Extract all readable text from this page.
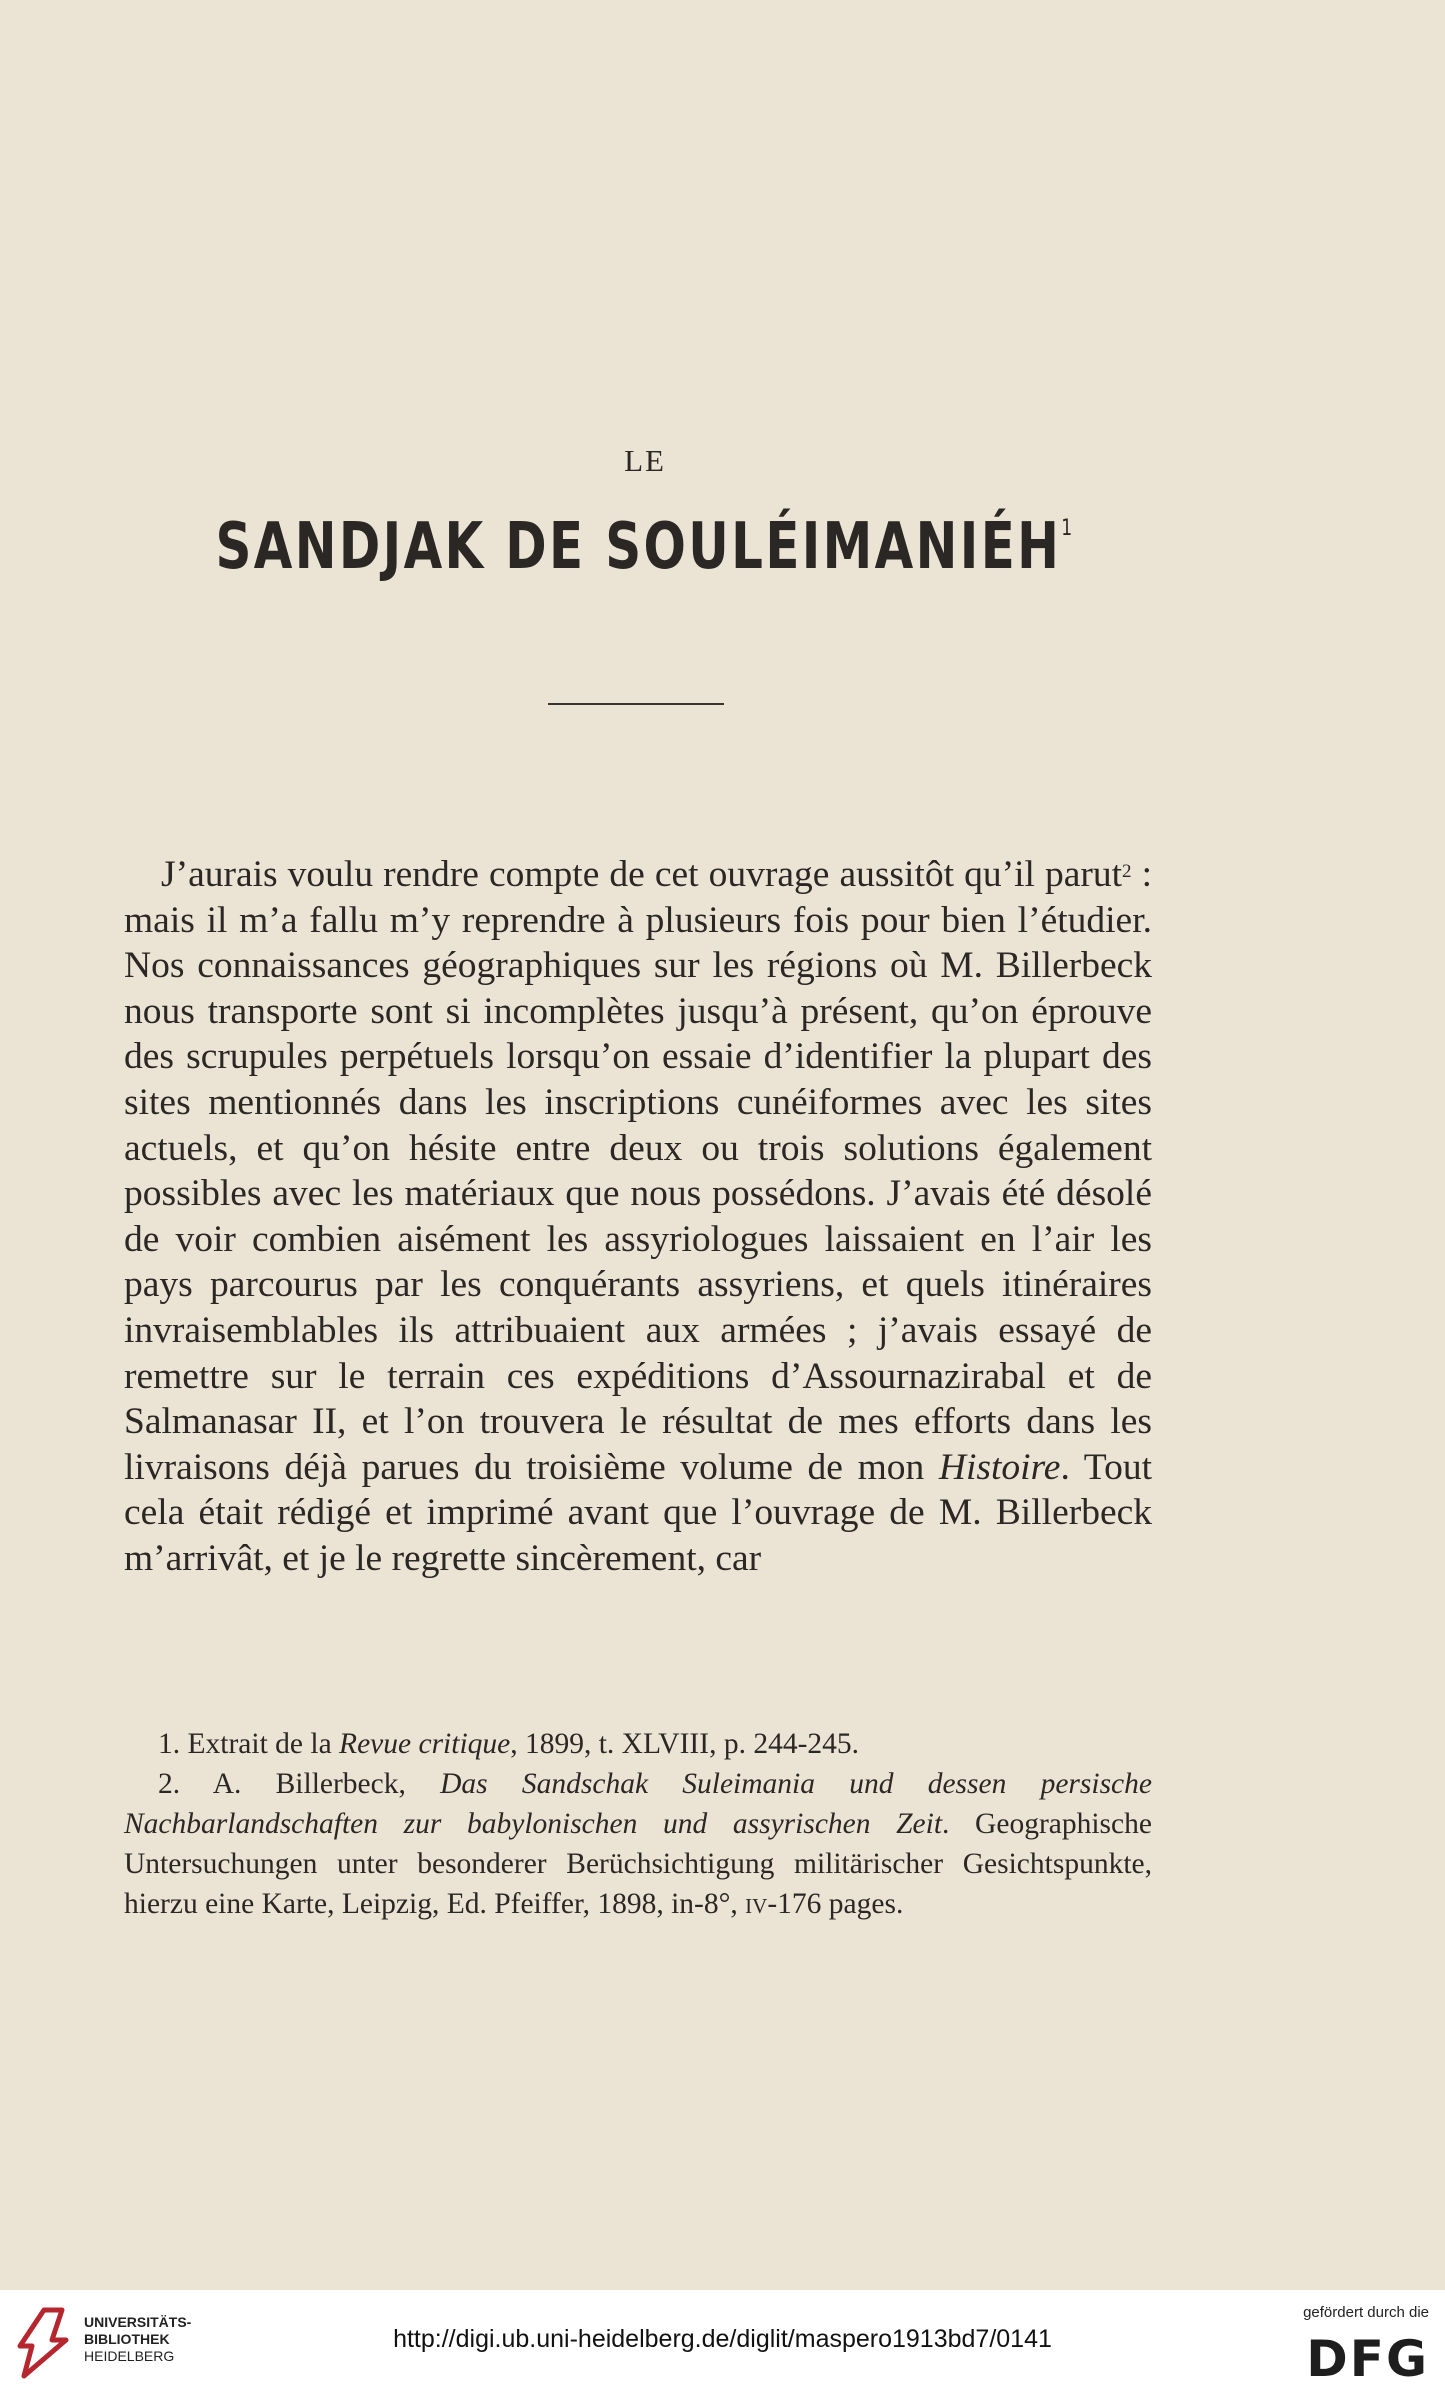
LE
SANDJAK DE SOULÉIMANIÉH$^1$

J’aurais voulu rendre compte de cet ouvrage aussitôt qu’il parut$^2$ : mais il m’a fallu m’y reprendre à plusieurs fois pour bien l’étudier. Nos connaissances géographiques sur les régions où M. Billerbeck nous transporte sont si incomplètes jusqu’à présent, qu’on éprouve des scrupules perpétuels lorsqu’on essaie d’identifier la plupart des sites mentionnés dans les inscriptions cunéiformes avec les sites actuels, et qu’on hésite entre deux ou trois solutions également possibles avec les matériaux que nous possédons. J’avais été désolé de voir combien aisément les assyriologues laissaient en l’air les pays parcourus par les conquérants assyriens, et quels itinéraires invraisemblables ils attribuaient aux armées ; j’avais essayé de remettre sur le terrain ces expéditions d’Assournazirabal et de Salmanasar II, et l’on trouvera le résultat de mes efforts dans les livraisons déjà parues du troisième volume de mon Histoire. Tout cela était rédigé et imprimé avant que l’ouvrage de M. Billerbeck m’arrivât, et je le regrette sincèrement, car

1. Extrait de la Revue critique, 1899, t. XLVIII, p. 244-245.

2. A. Billerbeck, Das Sandschak Suleimania und dessen persische Nachbarlandschaften zur babylonischen und assyrischen Zeit. Geographische Untersuchungen unter besonderer Berüchsichtigung militärischer Gesichtspunkte, hierzu eine Karte, Leipzig, Ed. Pfeiffer, 1898, in-8°, iv-176 pages.

UNIVERSITÄTS-
BIBLIOTHEK
HEIDELBERG
http://digi.ub.uni-heidelberg.de/diglit/maspero1913bd7/0141
gefördert durch die
DFG
